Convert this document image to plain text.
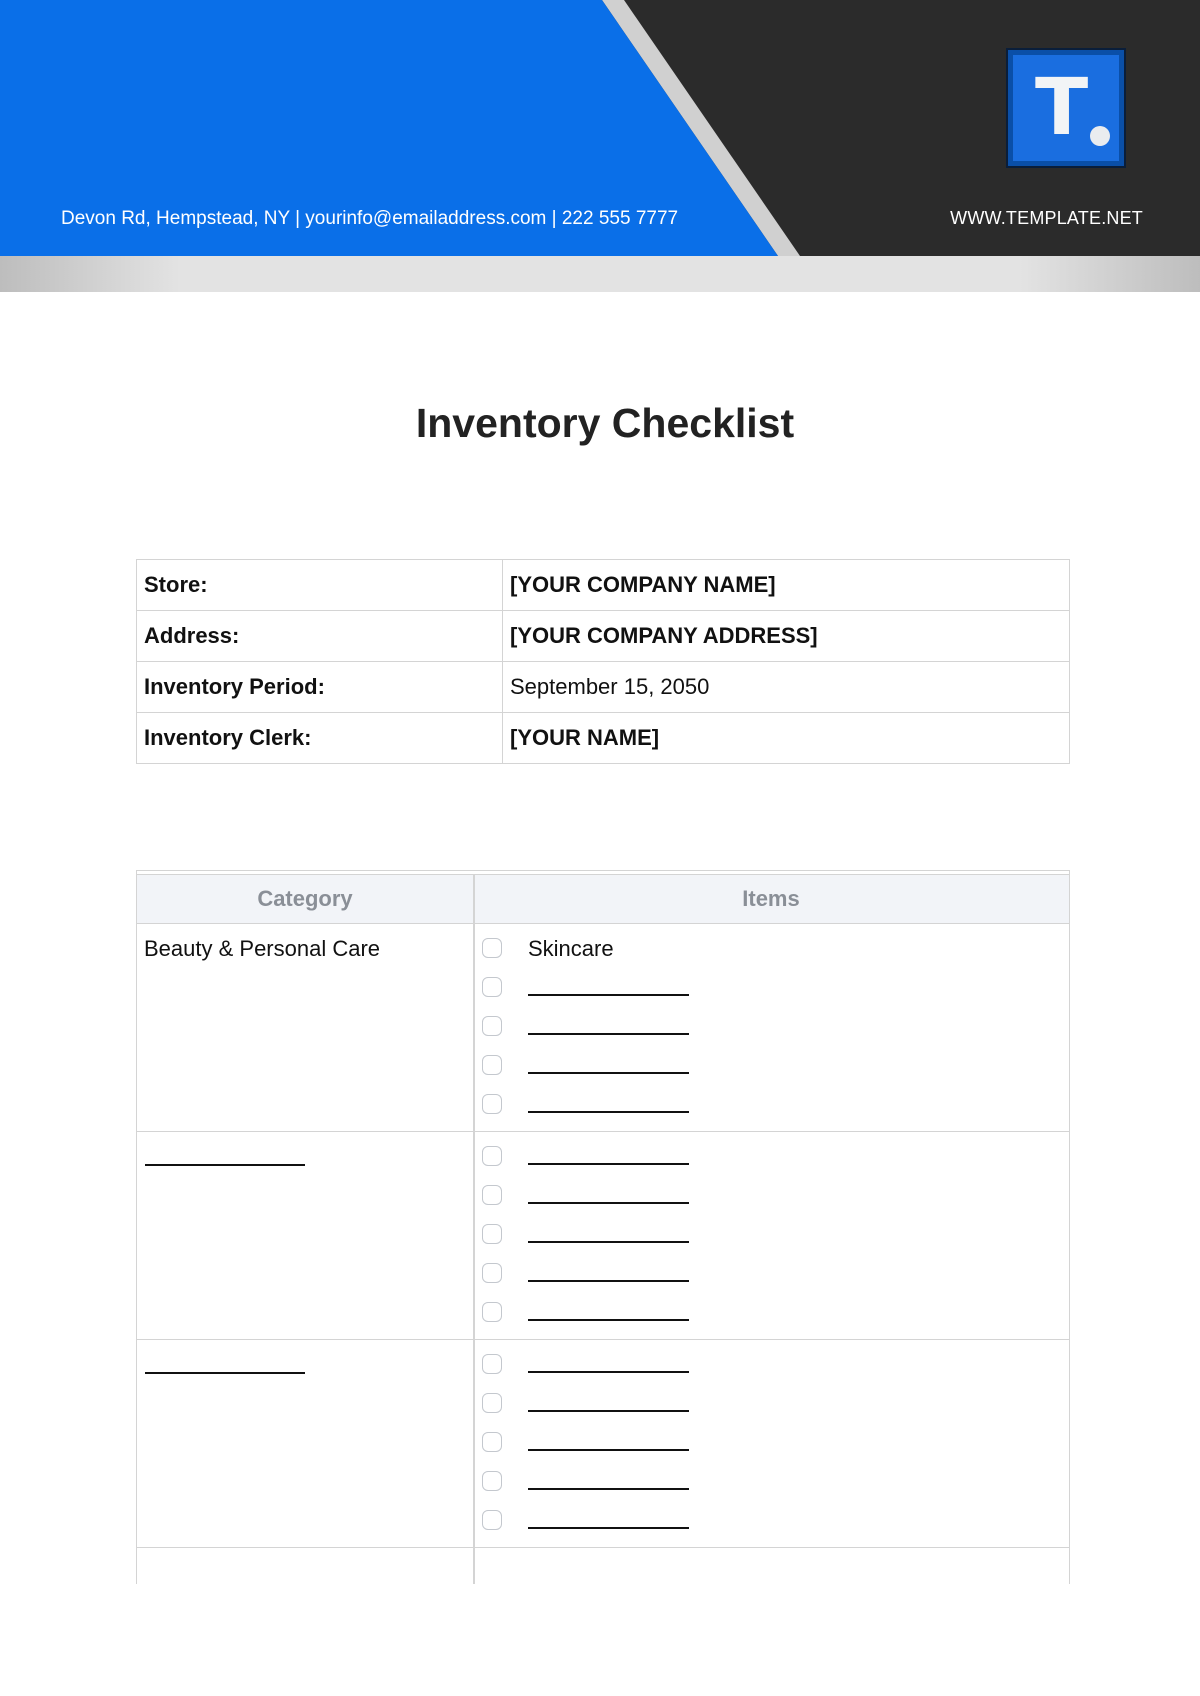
Devon Rd, Hempstead, NY | yourinfo@emailaddress.com | 222 555 7777	WWW.TEMPLATE.NET
T
Inventory Checklist
Store:	[YOUR COMPANY NAME]
Address:	[YOUR COMPANY ADDRESS]
Inventory Period:	September 15, 2050
Inventory Clerk:	[YOUR NAME]
Category	Items
Beauty & Personal Care	Skincare
